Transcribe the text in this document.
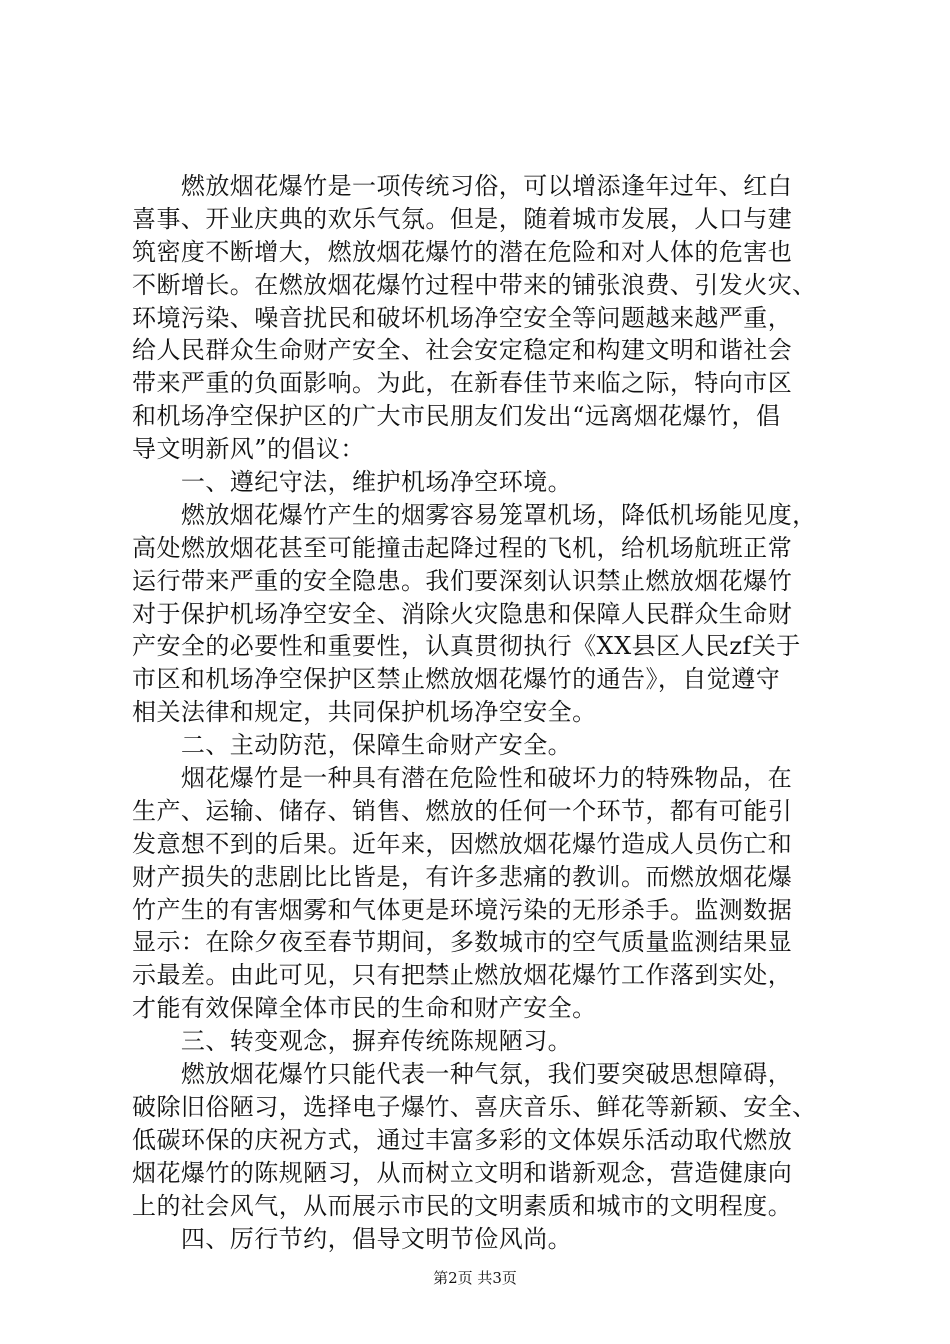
　　燃放烟花爆竹是一项传统习俗，可以增添逢年过年、红白
喜事、开业庆典的欢乐气氛。但是，随着城市发展，人口与建
筑密度不断增大，燃放烟花爆竹的潜在危险和对人体的危害也
不断增长。在燃放烟花爆竹过程中带来的铺张浪费、引发火灾、
环境污染、噪音扰民和破坏机场净空安全等问题越来越严重，
给人民群众生命财产安全、社会安定稳定和构建文明和谐社会
带来严重的负面影响。为此，在新春佳节来临之际，特向市区
和机场净空保护区的广大市民朋友们发出“远离烟花爆竹，倡
导文明新风”的倡议：
　　一、遵纪守法，维护机场净空环境。
　　燃放烟花爆竹产生的烟雾容易笼罩机场，降低机场能见度，
高处燃放烟花甚至可能撞击起降过程的飞机，给机场航班正常
运行带来严重的安全隐患。我们要深刻认识禁止燃放烟花爆竹
对于保护机场净空安全、消除火灾隐患和保障人民群众生命财
产安全的必要性和重要性，认真贯彻执行《XX县区人民zf关于
市区和机场净空保护区禁止燃放烟花爆竹的通告》，自觉遵守
相关法律和规定，共同保护机场净空安全。
　　二、主动防范，保障生命财产安全。
　　烟花爆竹是一种具有潜在危险性和破坏力的特殊物品，在
生产、运输、储存、销售、燃放的任何一个环节，都有可能引
发意想不到的后果。近年来，因燃放烟花爆竹造成人员伤亡和
财产损失的悲剧比比皆是，有许多悲痛的教训。而燃放烟花爆
竹产生的有害烟雾和气体更是环境污染的无形杀手。监测数据
显示：在除夕夜至春节期间，多数城市的空气质量监测结果显
示最差。由此可见，只有把禁止燃放烟花爆竹工作落到实处，
才能有效保障全体市民的生命和财产安全。
　　三、转变观念，摒弃传统陈规陋习。
　　燃放烟花爆竹只能代表一种气氛，我们要突破思想障碍，
破除旧俗陋习，选择电子爆竹、喜庆音乐、鲜花等新颖、安全、
低碳环保的庆祝方式，通过丰富多彩的文体娱乐活动取代燃放
烟花爆竹的陈规陋习，从而树立文明和谐新观念，营造健康向
上的社会风气，从而展示市民的文明素质和城市的文明程度。
　　四、厉行节约，倡导文明节俭风尚。
第2页 共3页
